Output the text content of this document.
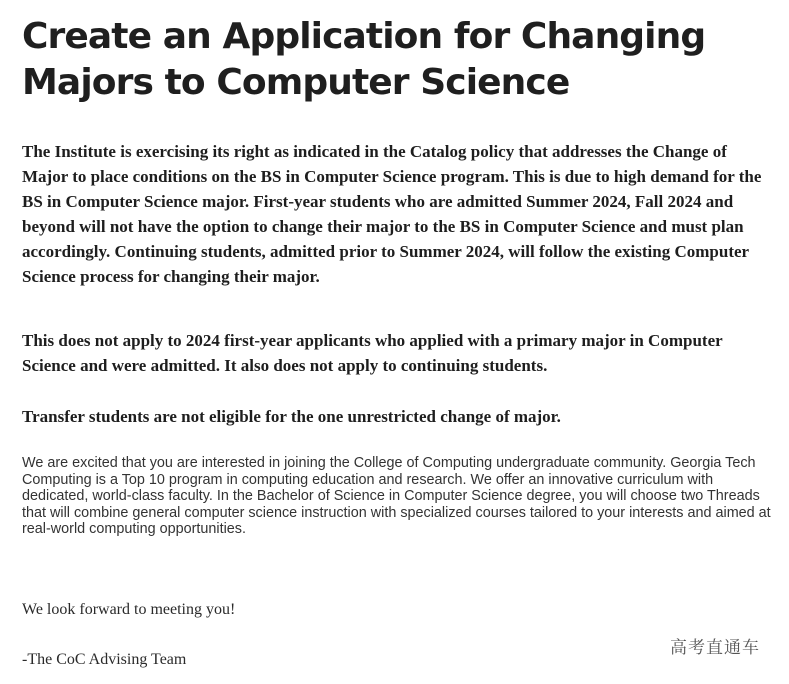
Create an Application for Changing Majors to Computer Science

The Institute is exercising its right as indicated in the Catalog policy that addresses the Change of Major to place conditions on the BS in Computer Science program. This is due to high demand for the BS in Computer Science major. First-year students who are admitted Summer 2024, Fall 2024 and beyond will not have the option to change their major to the BS in Computer Science and must plan accordingly. Continuing students, admitted prior to Summer 2024, will follow the existing Computer Science process for changing their major.

This does not apply to 2024 first-year applicants who applied with a primary major in Computer Science and were admitted. It also does not apply to continuing students.

Transfer students are not eligible for the one unrestricted change of major.

We are excited that you are interested in joining the College of Computing undergraduate community. Georgia Tech Computing is a Top 10 program in computing education and research. We offer an innovative curriculum with dedicated, world-class faculty. In the Bachelor of Science in Computer Science degree, you will choose two Threads that will combine general computer science instruction with specialized courses tailored to your interests and aimed at real-world computing opportunities.

We look forward to meeting you!

-The CoC Advising Team

高考直通车
